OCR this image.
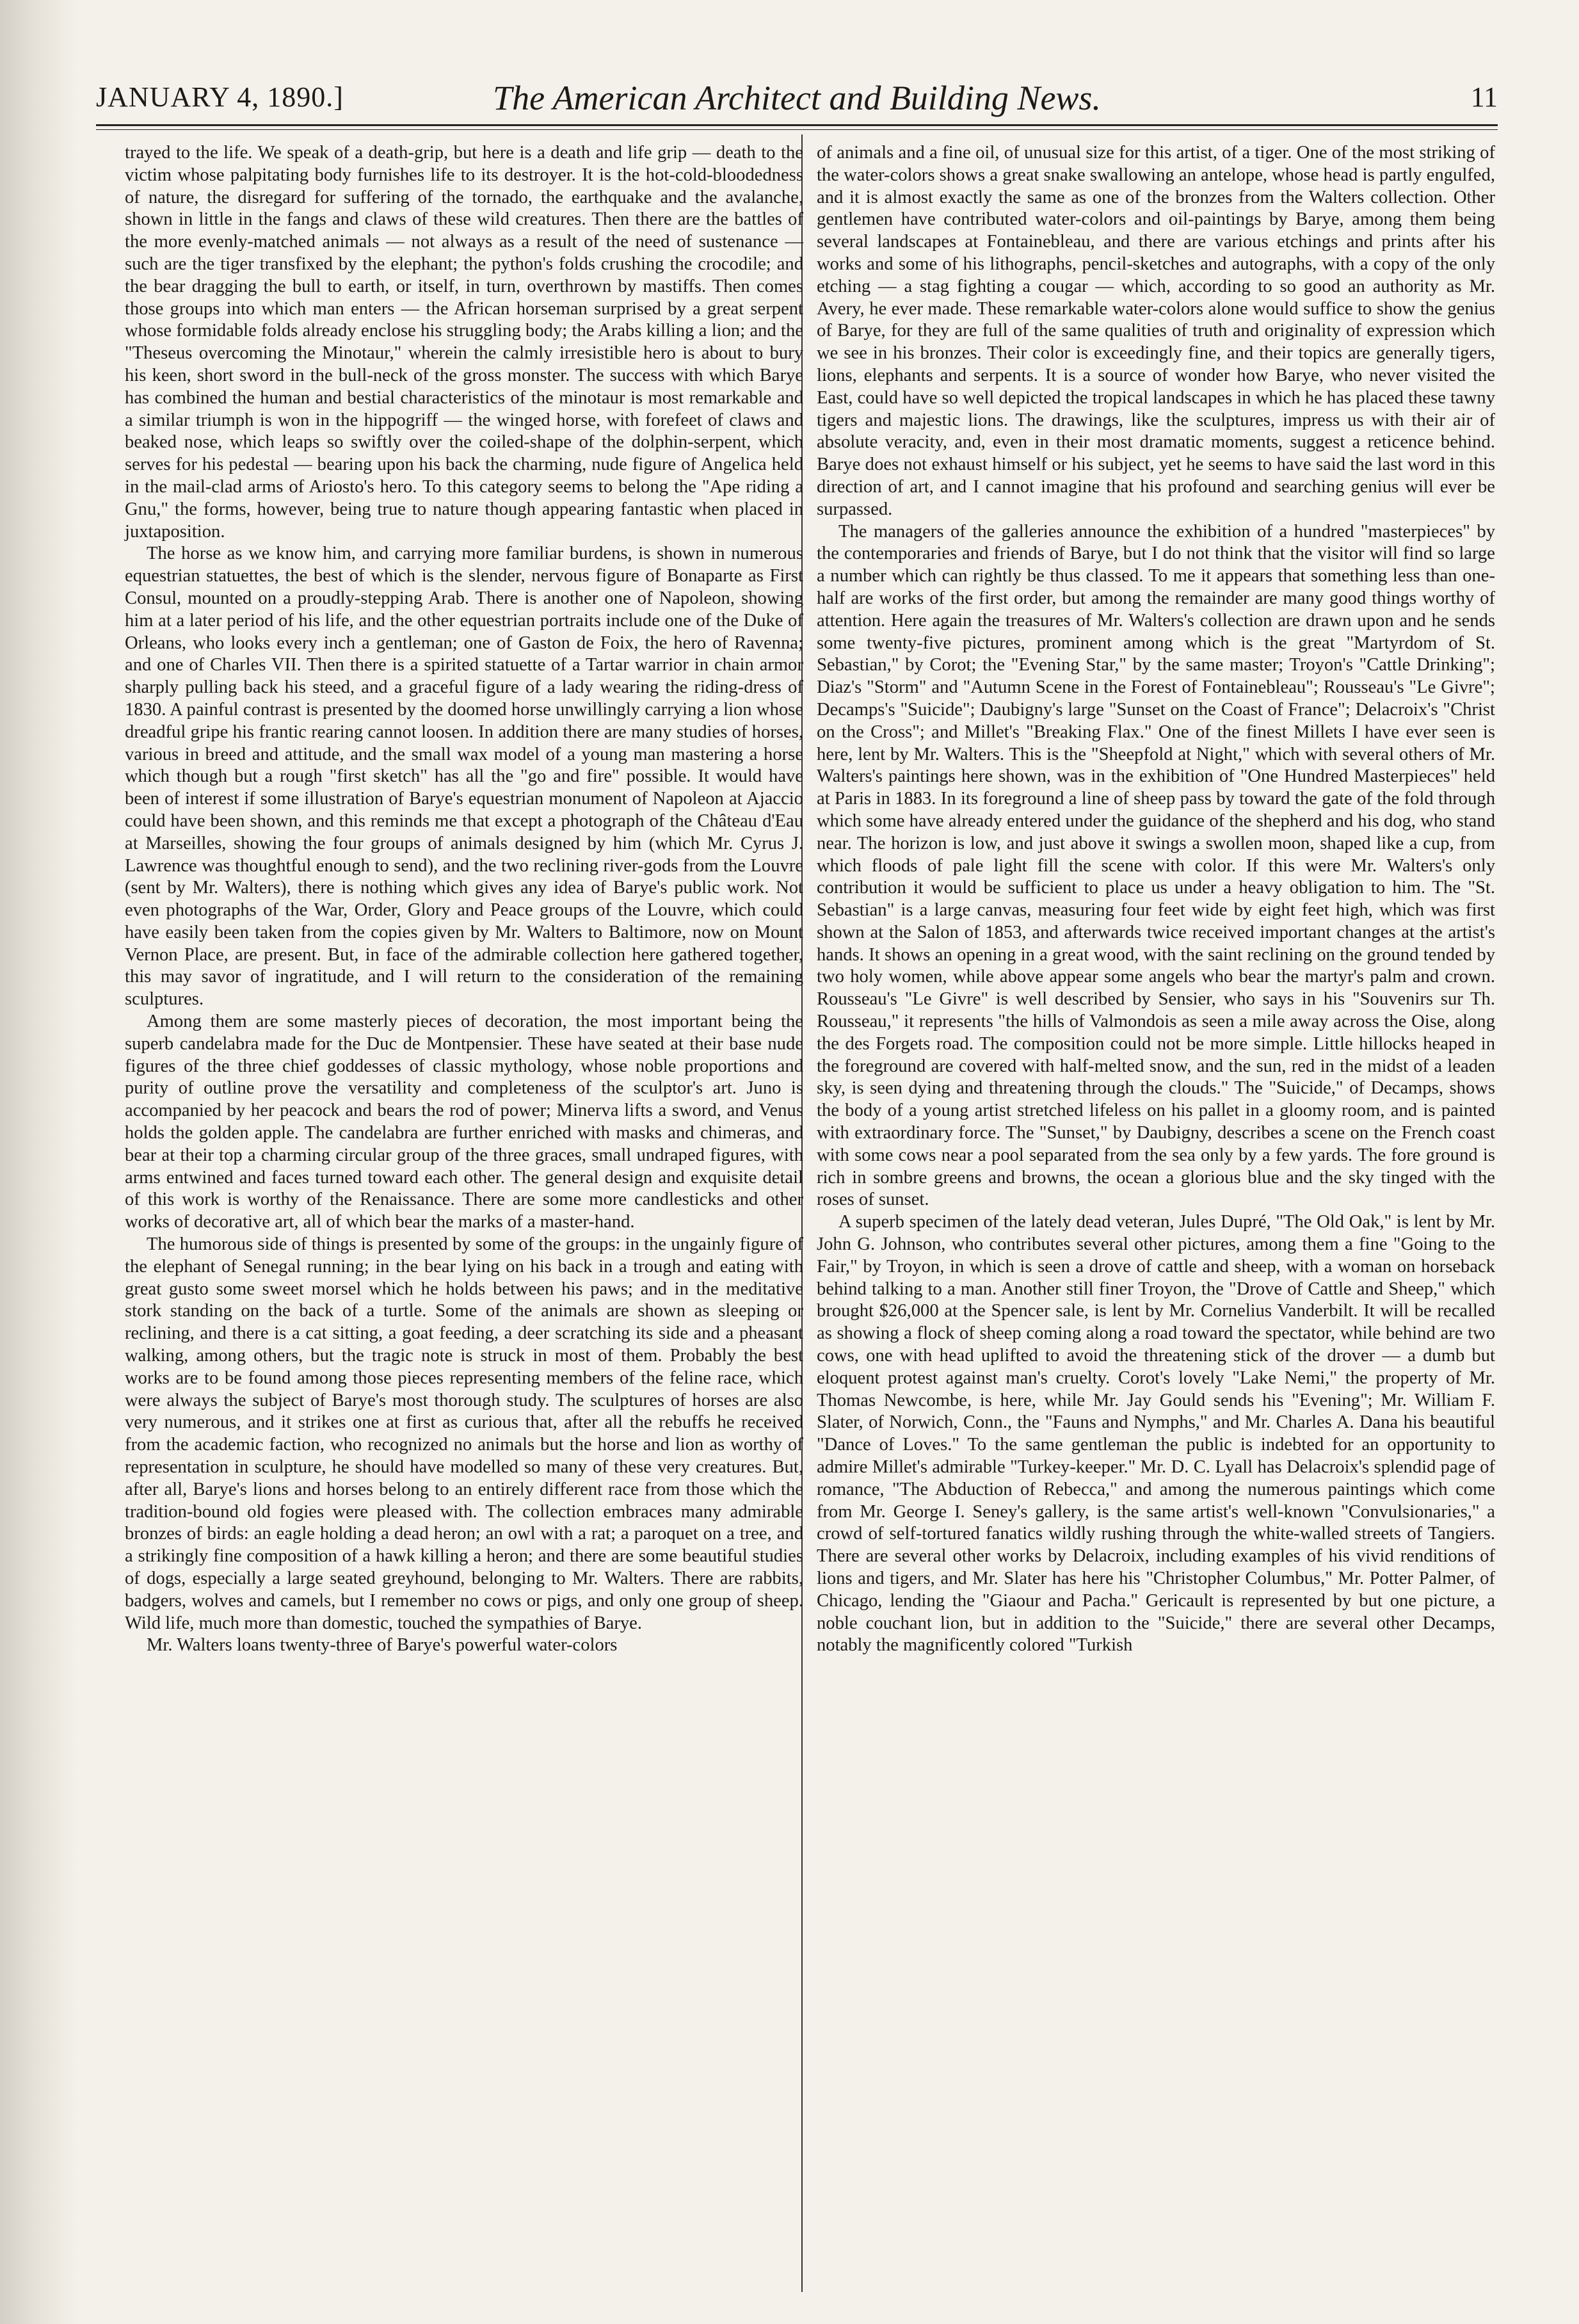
JANUARY 4, 1890.]	The American Architect and Building News.	11

trayed to the life. We speak of a death-grip, but here is a death and life grip — death to the victim whose palpitating body furnishes life to its destroyer. It is the hot-cold-bloodedness of nature, the disregard for suffering of the tornado, the earthquake and the avalanche, shown in little in the fangs and claws of these wild creatures. Then there are the battles of the more evenly-matched animals — not always as a result of the need of sustenance — such are the tiger transfixed by the elephant; the python's folds crushing the crocodile; and the bear dragging the bull to earth, or itself, in turn, overthrown by mastiffs. Then comes those groups into which man enters — the African horseman surprised by a great serpent whose formidable folds already enclose his struggling body; the Arabs killing a lion; and the "Theseus overcoming the Minotaur," wherein the calmly irresistible hero is about to bury his keen, short sword in the bull-neck of the gross monster. The success with which Barye has combined the human and bestial characteristics of the minotaur is most remarkable and a similar triumph is won in the hippogriff — the winged horse, with forefeet of claws and beaked nose, which leaps so swiftly over the coiled-shape of the dolphin-serpent, which serves for his pedestal — bearing upon his back the charming, nude figure of Angelica held in the mail-clad arms of Ariosto's hero. To this category seems to belong the "Ape riding a Gnu," the forms, however, being true to nature though appearing fantastic when placed in juxtaposition.

The horse as we know him, and carrying more familiar burdens, is shown in numerous equestrian statuettes, the best of which is the slender, nervous figure of Bonaparte as First Consul, mounted on a proudly-stepping Arab. There is another one of Napoleon, showing him at a later period of his life, and the other equestrian portraits include one of the Duke of Orleans, who looks every inch a gentleman; one of Gaston de Foix, the hero of Ravenna; and one of Charles VII. Then there is a spirited statuette of a Tartar warrior in chain armor sharply pulling back his steed, and a graceful figure of a lady wearing the riding-dress of 1830. A painful contrast is presented by the doomed horse unwillingly carrying a lion whose dreadful gripe his frantic rearing cannot loosen. In addition there are many studies of horses, various in breed and attitude, and the small wax model of a young man mastering a horse which though but a rough "first sketch" has all the "go and fire" possible. It would have been of interest if some illustration of Barye's equestrian monument of Napoleon at Ajaccio could have been shown, and this reminds me that except a photograph of the Château d'Eau at Marseilles, showing the four groups of animals designed by him (which Mr. Cyrus J. Lawrence was thoughtful enough to send), and the two reclining river-gods from the Louvre (sent by Mr. Walters), there is nothing which gives any idea of Barye's public work. Not even photographs of the War, Order, Glory and Peace groups of the Louvre, which could have easily been taken from the copies given by Mr. Walters to Baltimore, now on Mount Vernon Place, are present. But, in face of the admirable collection here gathered together, this may savor of ingratitude, and I will return to the consideration of the remaining sculptures.

Among them are some masterly pieces of decoration, the most important being the superb candelabra made for the Duc de Montpensier. These have seated at their base nude figures of the three chief goddesses of classic mythology, whose noble proportions and purity of outline prove the versatility and completeness of the sculptor's art. Juno is accompanied by her peacock and bears the rod of power; Minerva lifts a sword, and Venus holds the golden apple. The candelabra are further enriched with masks and chimeras, and bear at their top a charming circular group of the three graces, small undraped figures, with arms entwined and faces turned toward each other. The general design and exquisite detail of this work is worthy of the Renaissance. There are some more candlesticks and other works of decorative art, all of which bear the marks of a master-hand.

The humorous side of things is presented by some of the groups: in the ungainly figure of the elephant of Senegal running; in the bear lying on his back in a trough and eating with great gusto some sweet morsel which he holds between his paws; and in the meditative stork standing on the back of a turtle. Some of the animals are shown as sleeping or reclining, and there is a cat sitting, a goat feeding, a deer scratching its side and a pheasant walking, among others, but the tragic note is struck in most of them. Probably the best works are to be found among those pieces representing members of the feline race, which were always the subject of Barye's most thorough study. The sculptures of horses are also very numerous, and it strikes one at first as curious that, after all the rebuffs he received from the academic faction, who recognized no animals but the horse and lion as worthy of representation in sculpture, he should have modelled so many of these very creatures. But, after all, Barye's lions and horses belong to an entirely different race from those which the tradition-bound old fogies were pleased with. The collection embraces many admirable bronzes of birds: an eagle holding a dead heron; an owl with a rat; a paroquet on a tree, and a strikingly fine composition of a hawk killing a heron; and there are some beautiful studies of dogs, especially a large seated greyhound, belonging to Mr. Walters. There are rabbits, badgers, wolves and camels, but I remember no cows or pigs, and only one group of sheep. Wild life, much more than domestic, touched the sympathies of Barye.

Mr. Walters loans twenty-three of Barye's powerful water-colors

of animals and a fine oil, of unusual size for this artist, of a tiger. One of the most striking of the water-colors shows a great snake swallowing an antelope, whose head is partly engulfed, and it is almost exactly the same as one of the bronzes from the Walters collection. Other gentlemen have contributed water-colors and oil-paintings by Barye, among them being several landscapes at Fontainebleau, and there are various etchings and prints after his works and some of his lithographs, pencil-sketches and autographs, with a copy of the only etching — a stag fighting a cougar — which, according to so good an authority as Mr. Avery, he ever made. These remarkable water-colors alone would suffice to show the genius of Barye, for they are full of the same qualities of truth and originality of expression which we see in his bronzes. Their color is exceedingly fine, and their topics are generally tigers, lions, elephants and serpents. It is a source of wonder how Barye, who never visited the East, could have so well depicted the tropical landscapes in which he has placed these tawny tigers and majestic lions. The drawings, like the sculptures, impress us with their air of absolute veracity, and, even in their most dramatic moments, suggest a reticence behind. Barye does not exhaust himself or his subject, yet he seems to have said the last word in this direction of art, and I cannot imagine that his profound and searching genius will ever be surpassed.

The managers of the galleries announce the exhibition of a hundred "masterpieces" by the contemporaries and friends of Barye, but I do not think that the visitor will find so large a number which can rightly be thus classed. To me it appears that something less than one-half are works of the first order, but among the remainder are many good things worthy of attention. Here again the treasures of Mr. Walters's collection are drawn upon and he sends some twenty-five pictures, prominent among which is the great "Martyrdom of St. Sebastian," by Corot; the "Evening Star," by the same master; Troyon's "Cattle Drinking"; Diaz's "Storm" and "Autumn Scene in the Forest of Fontainebleau"; Rousseau's "Le Givre"; Decamps's "Suicide"; Daubigny's large "Sunset on the Coast of France"; Delacroix's "Christ on the Cross"; and Millet's "Breaking Flax." One of the finest Millets I have ever seen is here, lent by Mr. Walters. This is the "Sheepfold at Night," which with several others of Mr. Walters's paintings here shown, was in the exhibition of "One Hundred Masterpieces" held at Paris in 1883. In its foreground a line of sheep pass by toward the gate of the fold through which some have already entered under the guidance of the shepherd and his dog, who stand near. The horizon is low, and just above it swings a swollen moon, shaped like a cup, from which floods of pale light fill the scene with color. If this were Mr. Walters's only contribution it would be sufficient to place us under a heavy obligation to him. The "St. Sebastian" is a large canvas, measuring four feet wide by eight feet high, which was first shown at the Salon of 1853, and afterwards twice received important changes at the artist's hands. It shows an opening in a great wood, with the saint reclining on the ground tended by two holy women, while above appear some angels who bear the martyr's palm and crown. Rousseau's "Le Givre" is well described by Sensier, who says in his "Souvenirs sur Th. Rousseau," it represents "the hills of Valmondois as seen a mile away across the Oise, along the des Forgets road. The composition could not be more simple. Little hillocks heaped in the foreground are covered with half-melted snow, and the sun, red in the midst of a leaden sky, is seen dying and threatening through the clouds." The "Suicide," of Decamps, shows the body of a young artist stretched lifeless on his pallet in a gloomy room, and is painted with extraordinary force. The "Sunset," by Daubigny, describes a scene on the French coast with some cows near a pool separated from the sea only by a few yards. The fore ground is rich in sombre greens and browns, the ocean a glorious blue and the sky tinged with the roses of sunset.

A superb specimen of the lately dead veteran, Jules Dupré, "The Old Oak," is lent by Mr. John G. Johnson, who contributes several other pictures, among them a fine "Going to the Fair," by Troyon, in which is seen a drove of cattle and sheep, with a woman on horseback behind talking to a man. Another still finer Troyon, the "Drove of Cattle and Sheep," which brought $26,000 at the Spencer sale, is lent by Mr. Cornelius Vanderbilt. It will be recalled as showing a flock of sheep coming along a road toward the spectator, while behind are two cows, one with head uplifted to avoid the threatening stick of the drover — a dumb but eloquent protest against man's cruelty. Corot's lovely "Lake Nemi," the property of Mr. Thomas Newcombe, is here, while Mr. Jay Gould sends his "Evening"; Mr. William F. Slater, of Norwich, Conn., the "Fauns and Nymphs," and Mr. Charles A. Dana his beautiful "Dance of Loves." To the same gentleman the public is indebted for an opportunity to admire Millet's admirable "Turkey-keeper." Mr. D. C. Lyall has Delacroix's splendid page of romance, "The Abduction of Rebecca," and among the numerous paintings which come from Mr. George I. Seney's gallery, is the same artist's well-known "Convulsionaries," a crowd of self-tortured fanatics wildly rushing through the white-walled streets of Tangiers. There are several other works by Delacroix, including examples of his vivid renditions of lions and tigers, and Mr. Slater has here his "Christopher Columbus," Mr. Potter Palmer, of Chicago, lending the "Giaour and Pacha." Gericault is represented by but one picture, a noble couchant lion, but in addition to the "Suicide," there are several other Decamps, notably the magnificently colored "Turkish
